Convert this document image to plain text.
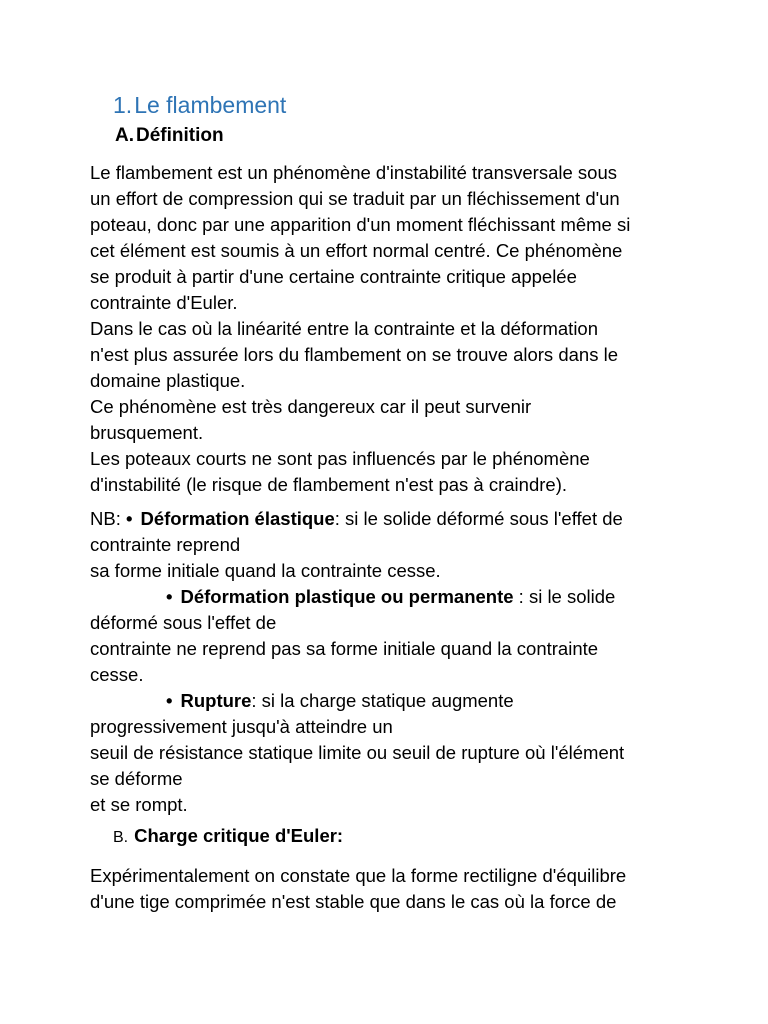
1.Le flambement
A. Définition
Le flambement est un phénomène d'instabilité transversale sous
un effort de compression qui se traduit par un fléchissement d'un
poteau, donc par une apparition d'un moment fléchissant même si
cet élément est soumis à un effort normal centré. Ce phénomène
se produit à partir d'une certaine contrainte critique appelée
contrainte d'Euler.
Dans le cas où la linéarité entre la contrainte et la déformation
n'est plus assurée lors du flambement on se trouve alors dans le
domaine plastique.
Ce phénomène est très dangereux car il peut survenir
brusquement.
Les poteaux courts ne sont pas influencés par le phénomène
d'instabilité (le risque de flambement n'est pas à craindre).
NB: • Déformation élastique: si le solide déformé sous l'effet de
contrainte reprend
sa forme initiale quand la contrainte cesse.
• Déformation plastique ou permanente : si le solide
déformé sous l'effet de
contrainte ne reprend pas sa forme initiale quand la contrainte
cesse.
• Rupture: si la charge statique augmente
progressivement jusqu'à atteindre un
seuil de résistance statique limite ou seuil de rupture où l'élément
se déforme
et se rompt.
B. Charge critique d'Euler:
Expérimentalement on constate que la forme rectiligne d'équilibre
d'une tige comprimée n'est stable que dans le cas où la force de
